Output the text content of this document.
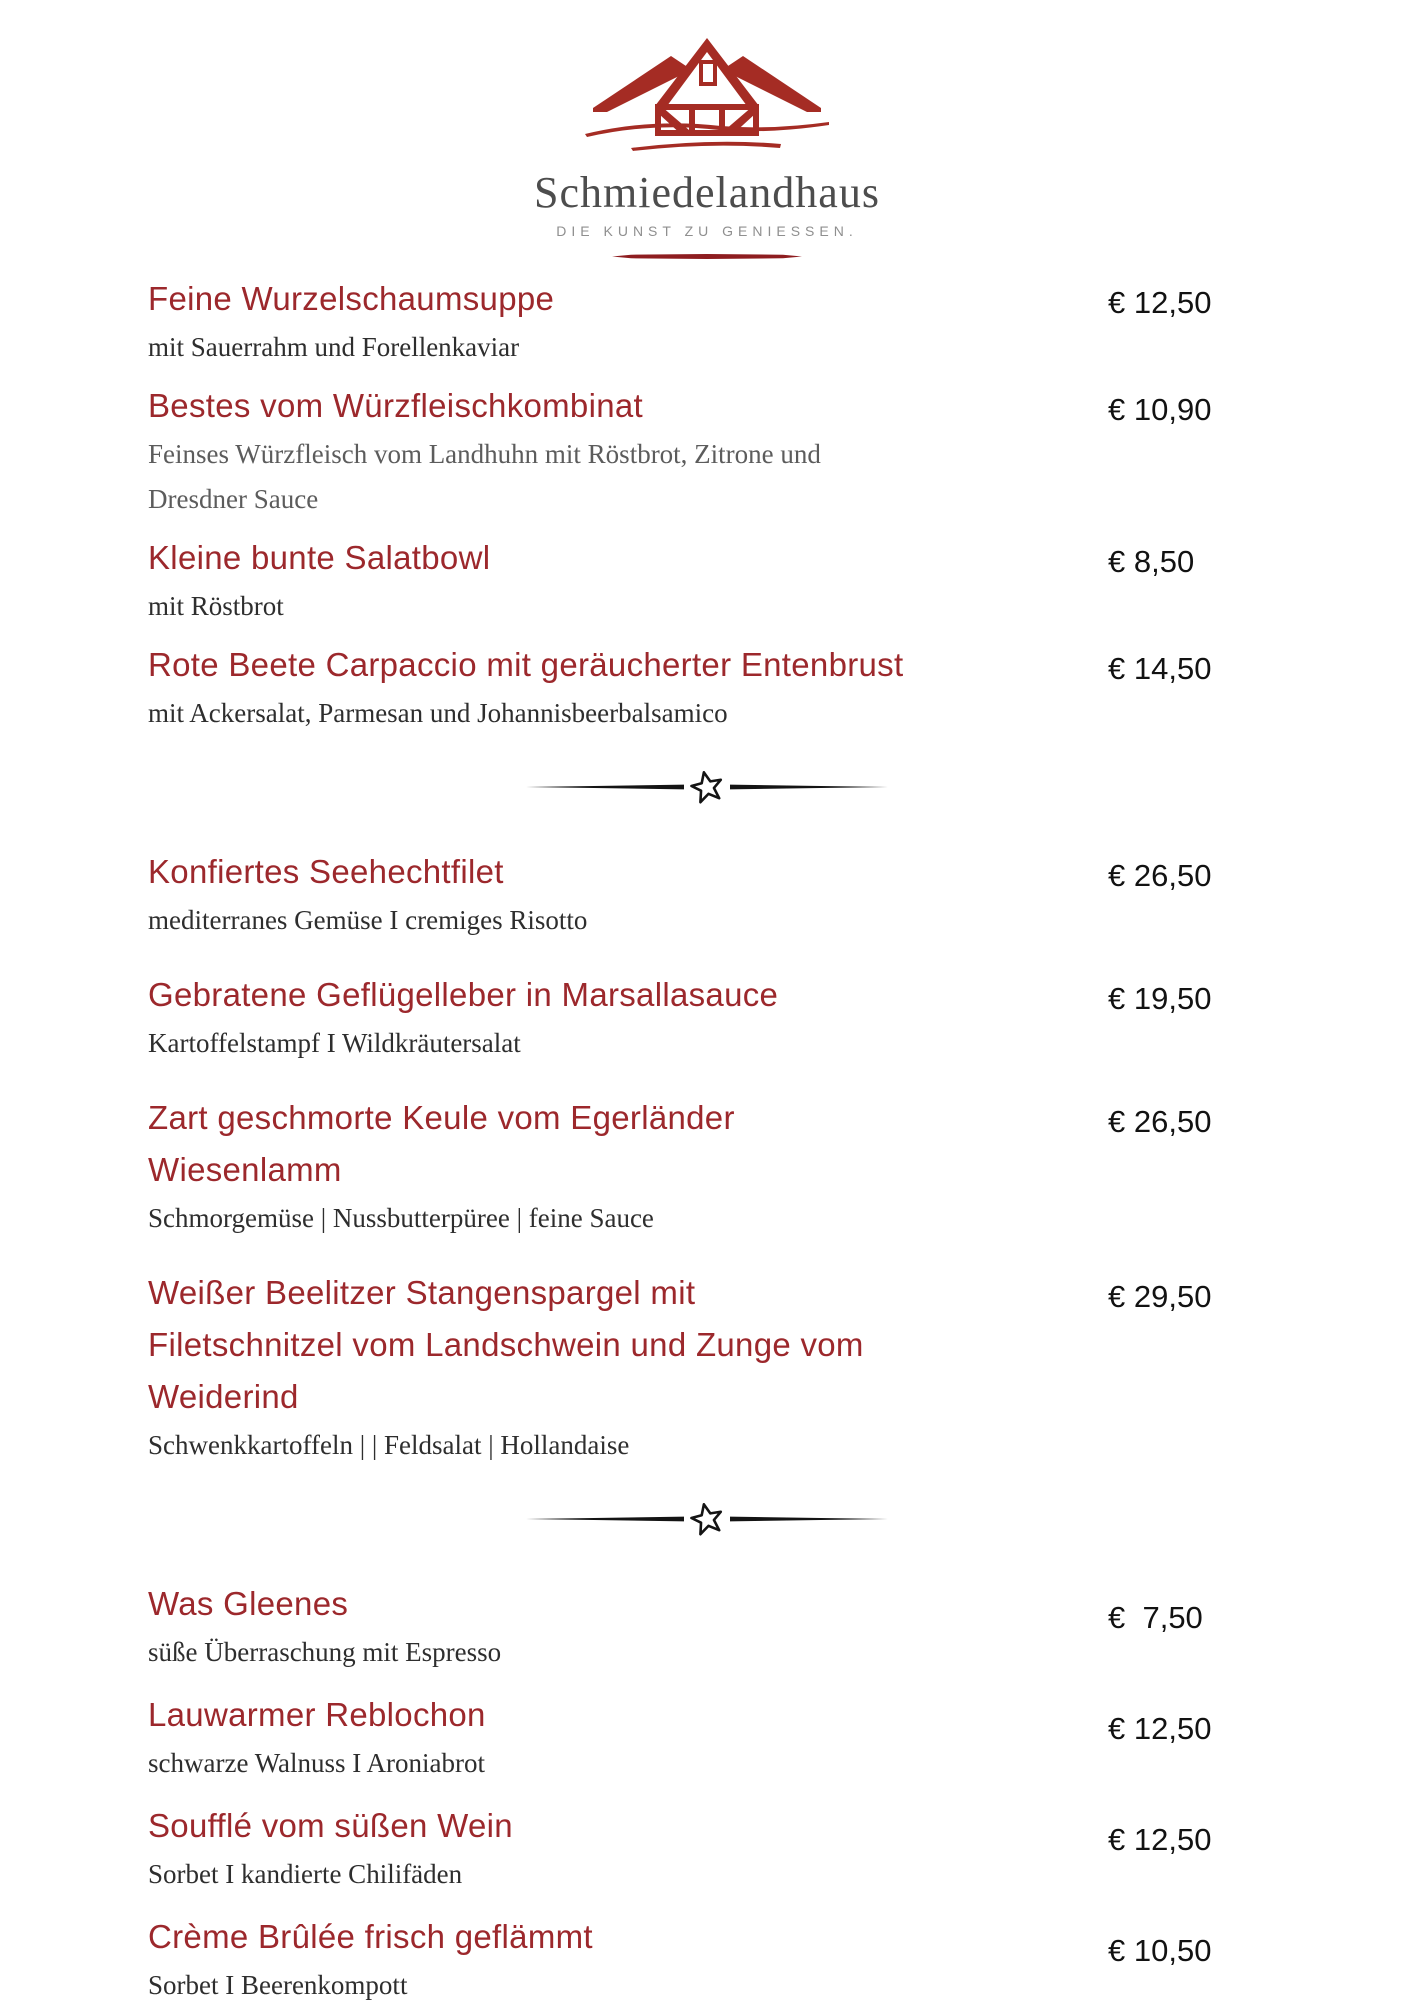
Schmiedelandhaus
DIE KUNST ZU GENIESSEN.
Feine Wurzelschaumsuppe
mit Sauerrahm und Forellenkaviar
€ 12,50
Bestes vom Würzfleischkombinat
Feinses Würzfleisch vom Landhuhn mit Röstbrot, Zitrone und
Dresdner Sauce
€ 10,90
Kleine bunte Salatbowl
mit Röstbrot
€ 8,50
Rote Beete Carpaccio mit geräucherter Entenbrust
mit Ackersalat, Parmesan und Johannisbeerbalsamico
€ 14,50
Konfiertes Seehechtfilet
mediterranes Gemüse I cremiges Risotto
€ 26,50
Gebratene Geflügelleber in Marsallasauce
Kartoffelstampf I Wildkräutersalat
€ 19,50
Zart geschmorte Keule vom Egerländer
Wiesenlamm
Schmorgemüse | Nussbutterpüree | feine Sauce
€ 26,50
Weißer Beelitzer Stangenspargel mit
Filetschnitzel vom Landschwein und Zunge vom
Weiderind
Schwenkkartoffeln | | Feldsalat | Hollandaise
€ 29,50
Was Gleenes
süße Überraschung mit Espresso
€  7,50
Lauwarmer Reblochon
schwarze Walnuss I Aroniabrot
€ 12,50
Soufflé vom süßen Wein
Sorbet I kandierte Chilifäden
€ 12,50
Crème Brûlée frisch geflämmt
Sorbet I Beerenkompott
€ 10,50
